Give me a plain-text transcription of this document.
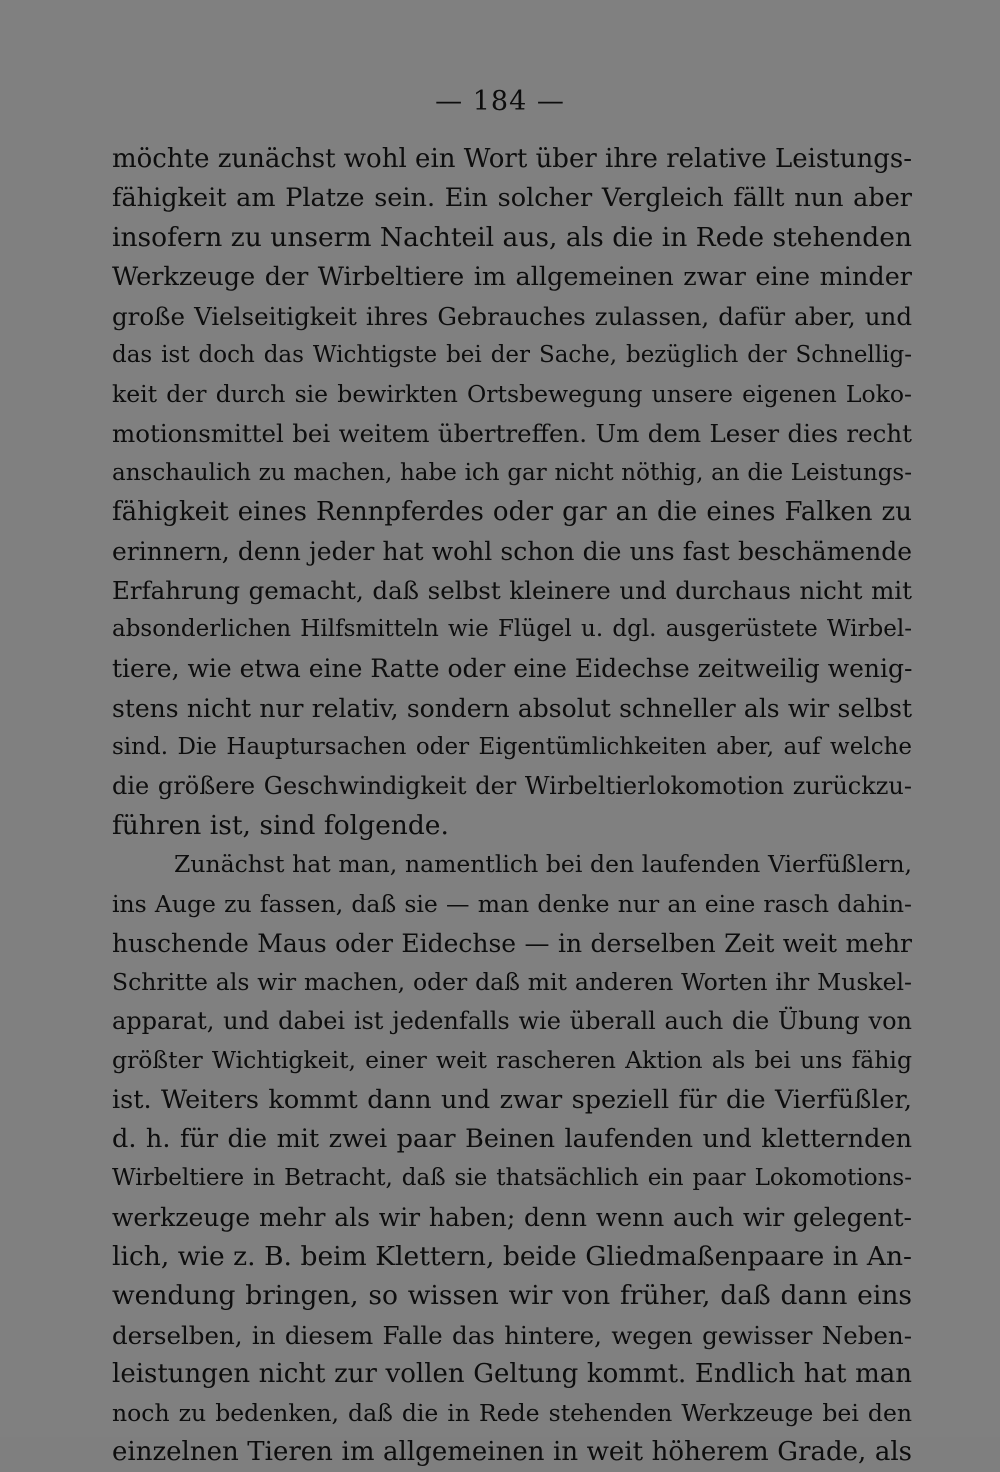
— 184 —
möchte zunächst wohl ein Wort über ihre relative Leistungs-
fähigkeit am Platze sein. Ein solcher Vergleich fällt nun aber
insofern zu unserm Nachteil aus, als die in Rede stehenden
Werkzeuge der Wirbeltiere im allgemeinen zwar eine minder
große Vielseitigkeit ihres Gebrauches zulassen, dafür aber, und
das ist doch das Wichtigste bei der Sache, bezüglich der Schnellig-
keit der durch sie bewirkten Ortsbewegung unsere eigenen Loko-
motionsmittel bei weitem übertreffen. Um dem Leser dies recht
anschaulich zu machen, habe ich gar nicht nöthig, an die Leistungs-
fähigkeit eines Rennpferdes oder gar an die eines Falken zu
erinnern, denn jeder hat wohl schon die uns fast beschämende
Erfahrung gemacht, daß selbst kleinere und durchaus nicht mit
absonderlichen Hilfsmitteln wie Flügel u. dgl. ausgerüstete Wirbel-
tiere, wie etwa eine Ratte oder eine Eidechse zeitweilig wenig-
stens nicht nur relativ, sondern absolut schneller als wir selbst
sind. Die Hauptursachen oder Eigentümlichkeiten aber, auf welche
die größere Geschwindigkeit der Wirbeltierlokomotion zurückzu-
führen ist, sind folgende.
Zunächst hat man, namentlich bei den laufenden Vierfüßlern,
ins Auge zu fassen, daß sie — man denke nur an eine rasch dahin-
huschende Maus oder Eidechse — in derselben Zeit weit mehr
Schritte als wir machen, oder daß mit anderen Worten ihr Muskel-
apparat, und dabei ist jedenfalls wie überall auch die Übung von
größter Wichtigkeit, einer weit rascheren Aktion als bei uns fähig
ist. Weiters kommt dann und zwar speziell für die Vierfüßler,
d. h. für die mit zwei paar Beinen laufenden und kletternden
Wirbeltiere in Betracht, daß sie thatsächlich ein paar Lokomotions-
werkzeuge mehr als wir haben; denn wenn auch wir gelegent-
lich, wie z. B. beim Klettern, beide Gliedmaßenpaare in An-
wendung bringen, so wissen wir von früher, daß dann eins
derselben, in diesem Falle das hintere, wegen gewisser Neben-
leistungen nicht zur vollen Geltung kommt. Endlich hat man
noch zu bedenken, daß die in Rede stehenden Werkzeuge bei den
einzelnen Tieren im allgemeinen in weit höherem Grade, als
